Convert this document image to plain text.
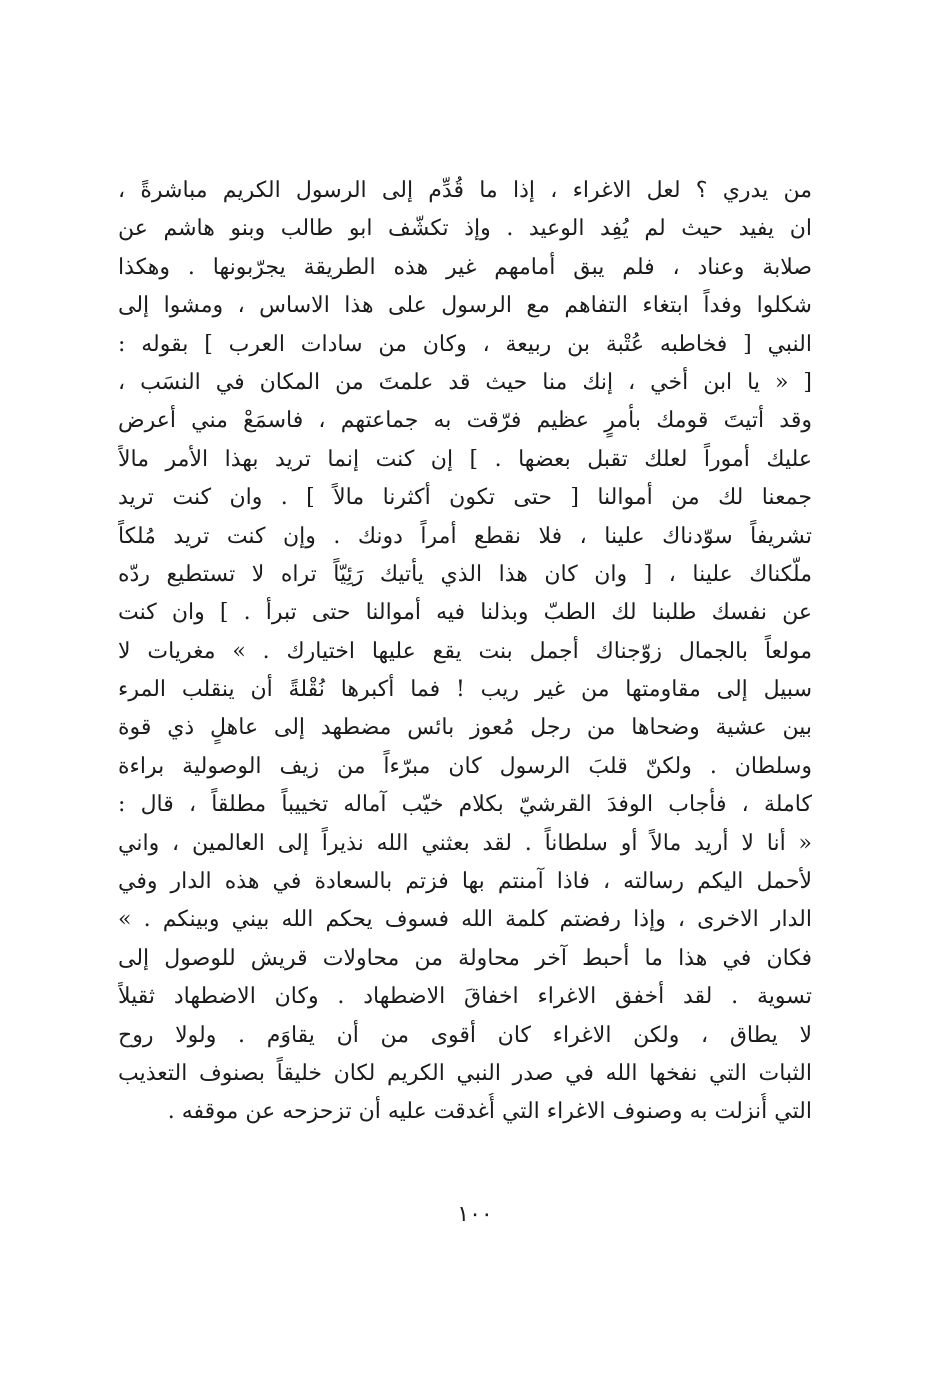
من يدري ؟ لعل الاغراء ، إذا ما قُدِّم إلى الرسول الكريم مباشرةً ،
ان يفيد حيث لم يُفِد الوعيد . وإذ تكشّف ابو طالب وبنو هاشم عن
صلابة وعناد ، فلم يبق أمامهم غير هذه الطريقة يجرّبونها . وهكذا
شكلوا وفداً ابتغاء التفاهم مع الرسول على هذا الاساس ، ومشوا إلى
النبي [ فخاطبه عُتْبة بن ربيعة ، وكان من سادات العرب ] بقوله :
[ « يا ابن أخي ، إنك منا حيث قد علمتَ من المكان في النسَب ،
وقد أتيتَ قومك بأمرٍ عظيم فرّقت به جماعتهم ، فاسمَعْ مني أعرض
عليك أموراً لعلك تقبل بعضها . ] إن كنت إنما تريد بهذا الأمر مالاً
جمعنا لك من أموالنا [ حتى تكون أكثرنا مالاً ] . وان كنت تريد
تشريفاً سوّدناك علينا ، فلا نقطع أمراً دونك . وإن كنت تريد مُلكاً
ملّكناك علينا ، [ وان كان هذا الذي يأتيك رَئِيّاً تراه لا تستطيع ردّه
عن نفسك طلبنا لك الطبّ وبذلنا فيه أموالنا حتى تبرأ . ] وان كنت
مولعاً بالجمال زوّجناك أجمل بنت يقع عليها اختيارك . » مغريات لا
سبيل إلى مقاومتها من غير ريب ! فما أكبرها نُقْلةً أن ينقلب المرء
بين عشية وضحاها من رجل مُعوز بائس مضطهد إلى عاهلٍ ذي قوة
وسلطان . ولكنّ قلبَ الرسول كان مبرّءاً من زيف الوصولية براءة
كاملة ، فأجاب الوفدَ القرشيّ بكلام خيّب آماله تخييباً مطلقاً ، قال :
« أنا لا أريد مالاً أو سلطاناً . لقد بعثني الله نذيراً إلى العالمين ، واني
لأحمل اليكم رسالته ، فاذا آمنتم بها فزتم بالسعادة في هذه الدار وفي
الدار الاخرى ، وإذا رفضتم كلمة الله فسوف يحكم الله بيني وبينكم . »
فكان في هذا ما أحبط آخر محاولة من محاولات قريش للوصول إلى
تسوية . لقد أخفق الاغراء اخفاقَ الاضطهاد . وكان الاضطهاد ثقيلاً
لا يطاق ، ولكن الاغراء كان أقوى من أن يقاوَم . ولولا روح
الثبات التي نفخها الله في صدر النبي الكريم لكان خليقاً بصنوف التعذيب
التي أُنزلت به وصنوف الاغراء التي أُغدقت عليه أن تزحزحه عن موقفه .
١٠٠
